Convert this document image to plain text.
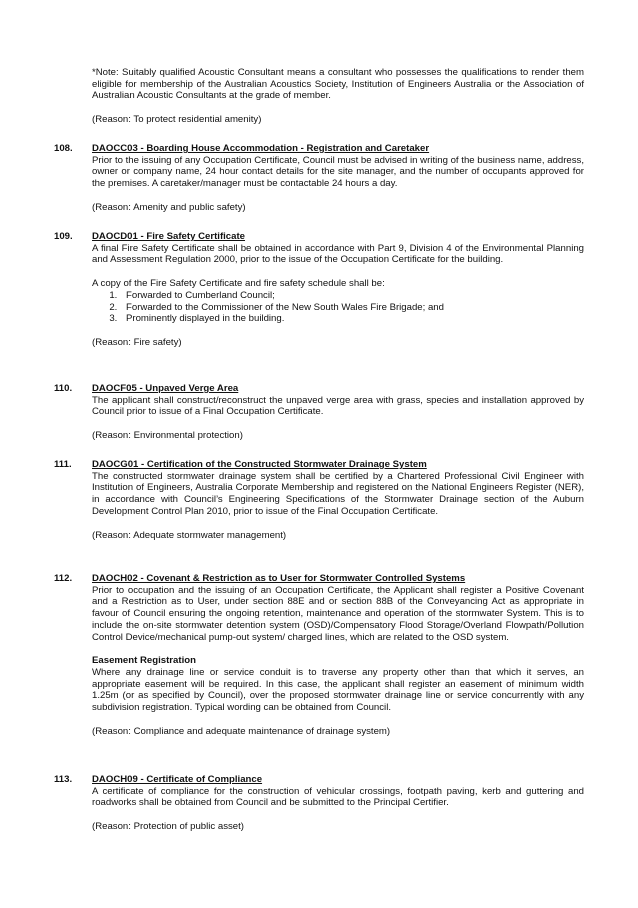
*Note: Suitably qualified Acoustic Consultant means a consultant who possesses the qualifications to render them eligible for membership of the Australian Acoustics Society, Institution of Engineers Australia or the Association of Australian Acoustic Consultants at the grade of member.

(Reason: To protect residential amenity)
108.	DAOCC03 - Boarding House Accommodation - Registration and Caretaker

Prior to the issuing of any Occupation Certificate, Council must be advised in writing of the business name, address, owner or company name, 24 hour contact details for the site manager, and the number of occupants approved for the premises. A caretaker/manager must be contactable 24 hours a day.

(Reason: Amenity and public safety)
109.	DAOCD01 - Fire Safety Certificate

A final Fire Safety Certificate shall be obtained in accordance with Part 9, Division 4 of the Environmental Planning and Assessment Regulation 2000, prior to the issue of the Occupation Certificate for the building.

A copy of the Fire Safety Certificate and fire safety schedule shall be:

1. Forwarded to Cumberland Council;
2. Forwarded to the Commissioner of the New South Wales Fire Brigade; and
3. Prominently displayed in the building.
(Reason: Fire safety)
110.	DAOCF05 - Unpaved Verge Area

The applicant shall construct/reconstruct the unpaved verge area with grass, species and installation approved by Council prior to issue of a Final Occupation Certificate.

(Reason: Environmental protection)
111.	DAOCG01 - Certification of the Constructed Stormwater Drainage System

The constructed stormwater drainage system shall be certified by a Chartered Professional Civil Engineer with Institution of Engineers, Australia Corporate Membership and registered on the National Engineers Register (NER), in accordance with Council’s Engineering Specifications of the Stormwater Drainage section of the Auburn Development Control Plan 2010, prior to issue of the Final Occupation Certificate.

(Reason: Adequate stormwater management)
112.	DAOCH02 - Covenant & Restriction as to User for Stormwater Controlled Systems

Prior to occupation and the issuing of an Occupation Certificate, the Applicant shall register a Positive Covenant and a Restriction as to User, under section 88E and or section 88B of the Conveyancing Act as appropriate in favour of Council ensuring the ongoing retention, maintenance and operation of the stormwater System. This is to include the on-site stormwater detention system (OSD)/Compensatory Flood Storage/Overland Flowpath/Pollution Control Device/mechanical pump-out system/ charged lines, which are related to the OSD system.

Easement Registration

Where any drainage line or service conduit is to traverse any property other than that which it serves, an appropriate easement will be required. In this case, the applicant shall register an easement of minimum width 1.25m (or as specified by Council), over the proposed stormwater drainage line or service concurrently with any subdivision registration. Typical wording can be obtained from Council.

(Reason: Compliance and adequate maintenance of drainage system)
113.	DAOCH09 - Certificate of Compliance

A certificate of compliance for the construction of vehicular crossings, footpath paving, kerb and guttering and roadworks shall be obtained from Council and be submitted to the Principal Certifier.

(Reason: Protection of public asset)
